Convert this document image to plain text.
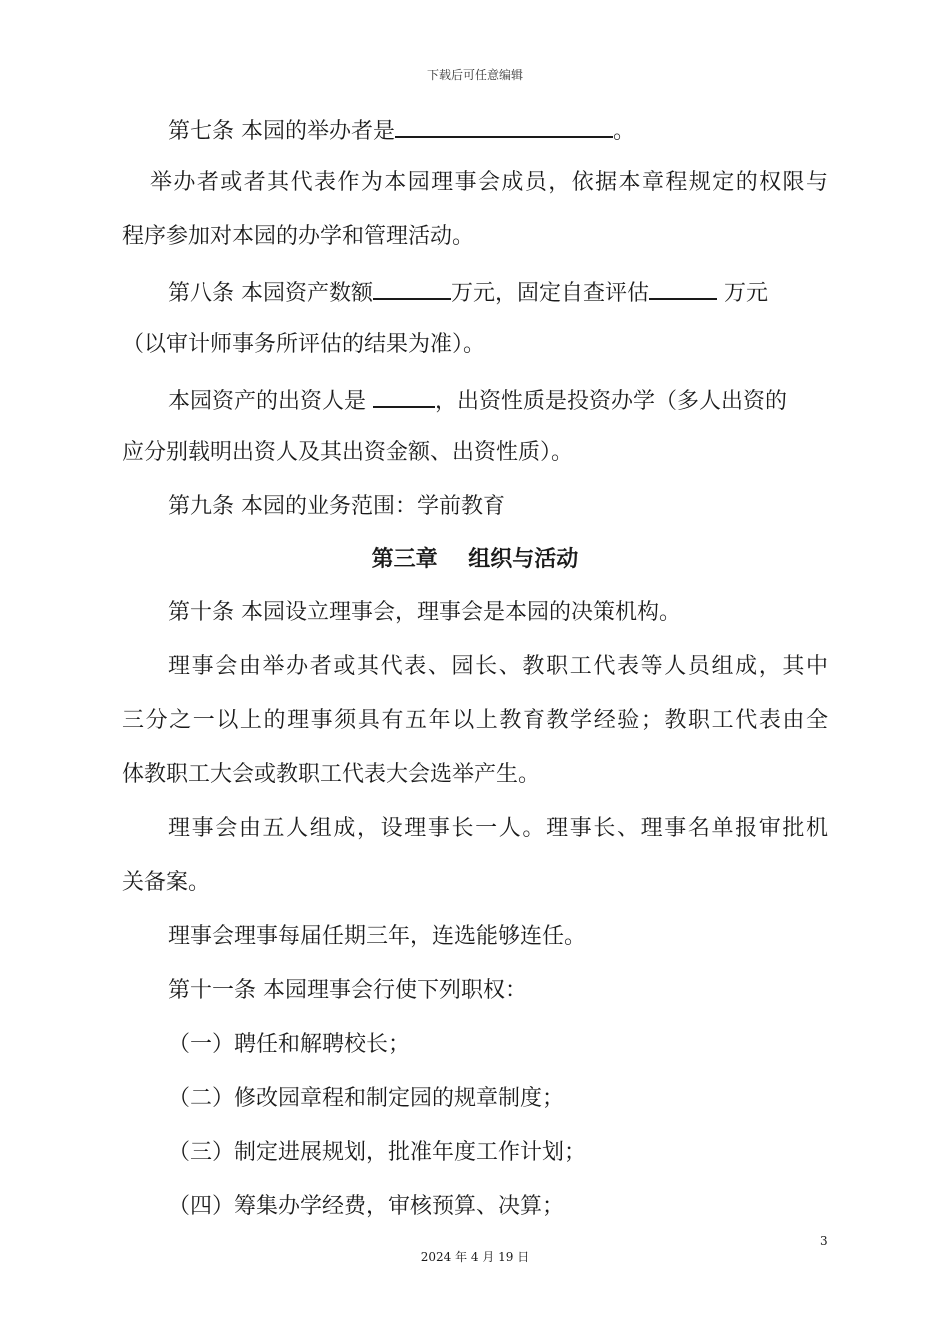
下载后可任意编辑
第七条 本园的举办者是	。
举办者或者其代表作为本园理事会成员，依据本章程规定的权限与
程序参加对本园的办学和管理活动。
第八条 本园资产数额	万元，固定自查评估	万元
（以审计师事务所评估的结果为准）。
本园资产的出资人是	，出资性质是投资办学（多人出资的
应分别载明出资人及其出资金额、出资性质）。
第九条 本园的业务范围：学前教育
第三章    组织与活动
第十条 本园设立理事会，理事会是本园的决策机构。
理事会由举办者或其代表、园长、教职工代表等人员组成，其中
三分之一以上的理事须具有五年以上教育教学经验；教职工代表由全
体教职工大会或教职工代表大会选举产生。
理事会由五人组成，设理事长一人。理事长、理事名单报审批机
关备案。
理事会理事每届任期三年，连选能够连任。
第十一条 本园理事会行使下列职权：
（一）聘任和解聘校长；
（二）修改园章程和制定园的规章制度；
（三）制定进展规划，批准年度工作计划；
（四）筹集办学经费，审核预算、决算；
3
2024 年 4 月 19 日
